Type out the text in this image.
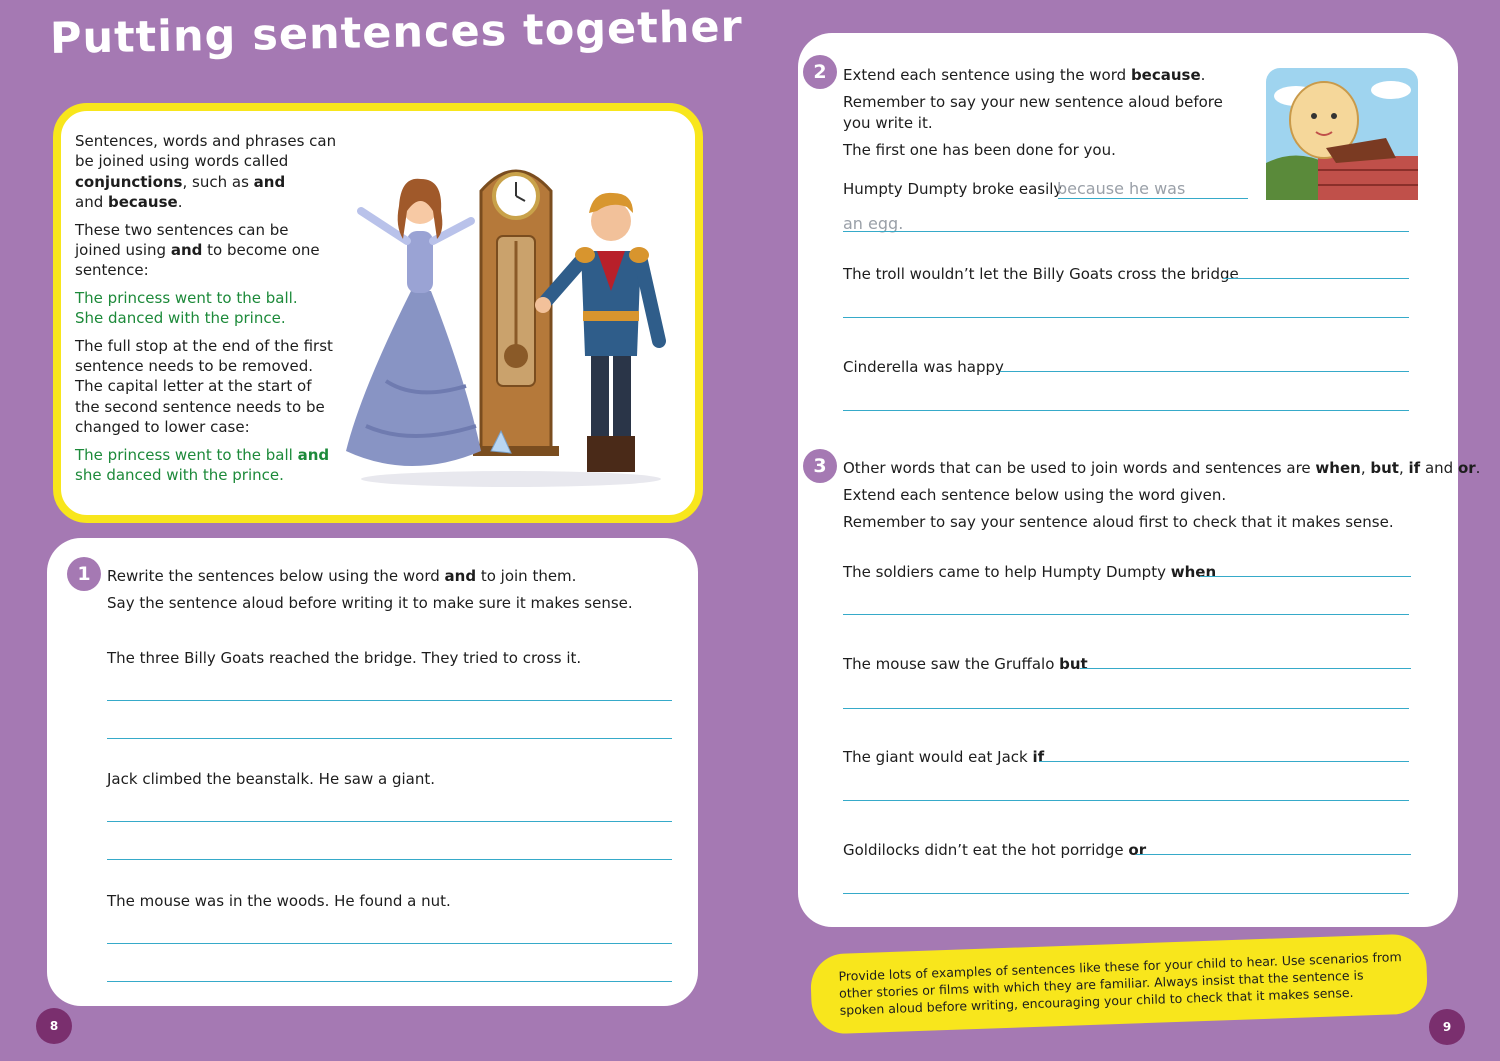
Putting sentences together

Sentences, words and phrases can be joined using words called conjunctions, such as and

and because.

These two sentences can be joined using and to become one sentence:

The princess went to the ball.

She danced with the prince.

The full stop at the end of the first sentence needs to be removed. The capital letter at the start of the second sentence needs to be changed to lower case:

The princess went to the ball and she danced with the prince.

1	Rewrite the sentences below using the word and to join them.
Say the sentence aloud before writing it to make sure it makes sense.
The three Billy Goats reached the bridge. They tried to cross it.
Jack climbed the beanstalk. He saw a giant.
The mouse was in the woods. He found a nut.
2	Extend each sentence using the word because.
Remember to say your new sentence aloud before
you write it.
The first one has been done for you.
Humpty Dumpty broke easily
because he was
an egg.
The troll wouldn’t let the Billy Goats cross the bridge
Cinderella was happy
3	Other words that can be used to join words and sentences are when, but, if and or.
Extend each sentence below using the word given.
Remember to say your sentence aloud first to check that it makes sense.
The soldiers came to help Humpty Dumpty when
The mouse saw the Gruffalo but
The giant would eat Jack if
Goldilocks didn’t eat the hot porridge or

Provide lots of examples of sentences like these for your child to hear. Use scenarios from other stories or films with which they are familiar. Always insist that the sentence is spoken aloud before writing, encouraging your child to check that it makes sense.

8	9
